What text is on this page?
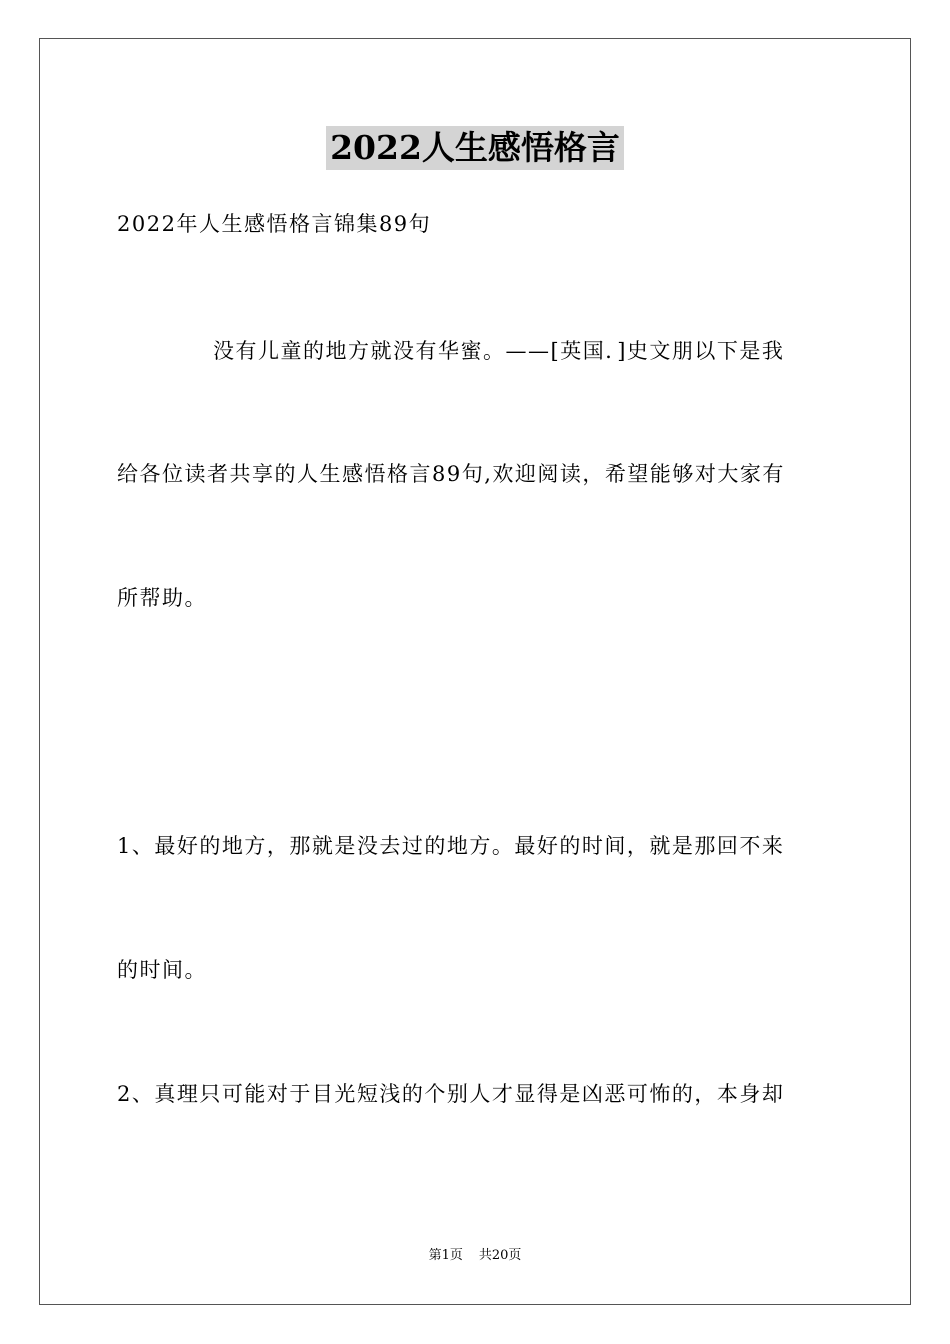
2022人生感悟格言
2022年人生感悟格言锦集89句
没有儿童的地方就没有华蜜。——[英国．]史文朋以下是我
给各位读者共享的人生感悟格言89句,欢迎阅读，希望能够对大家有
所帮助。
1、最好的地方，那就是没去过的地方。最好的时间，就是那回不来
的时间。
2、真理只可能对于目光短浅的个别人才显得是凶恶可怖的，本身却
第1页 共20页
